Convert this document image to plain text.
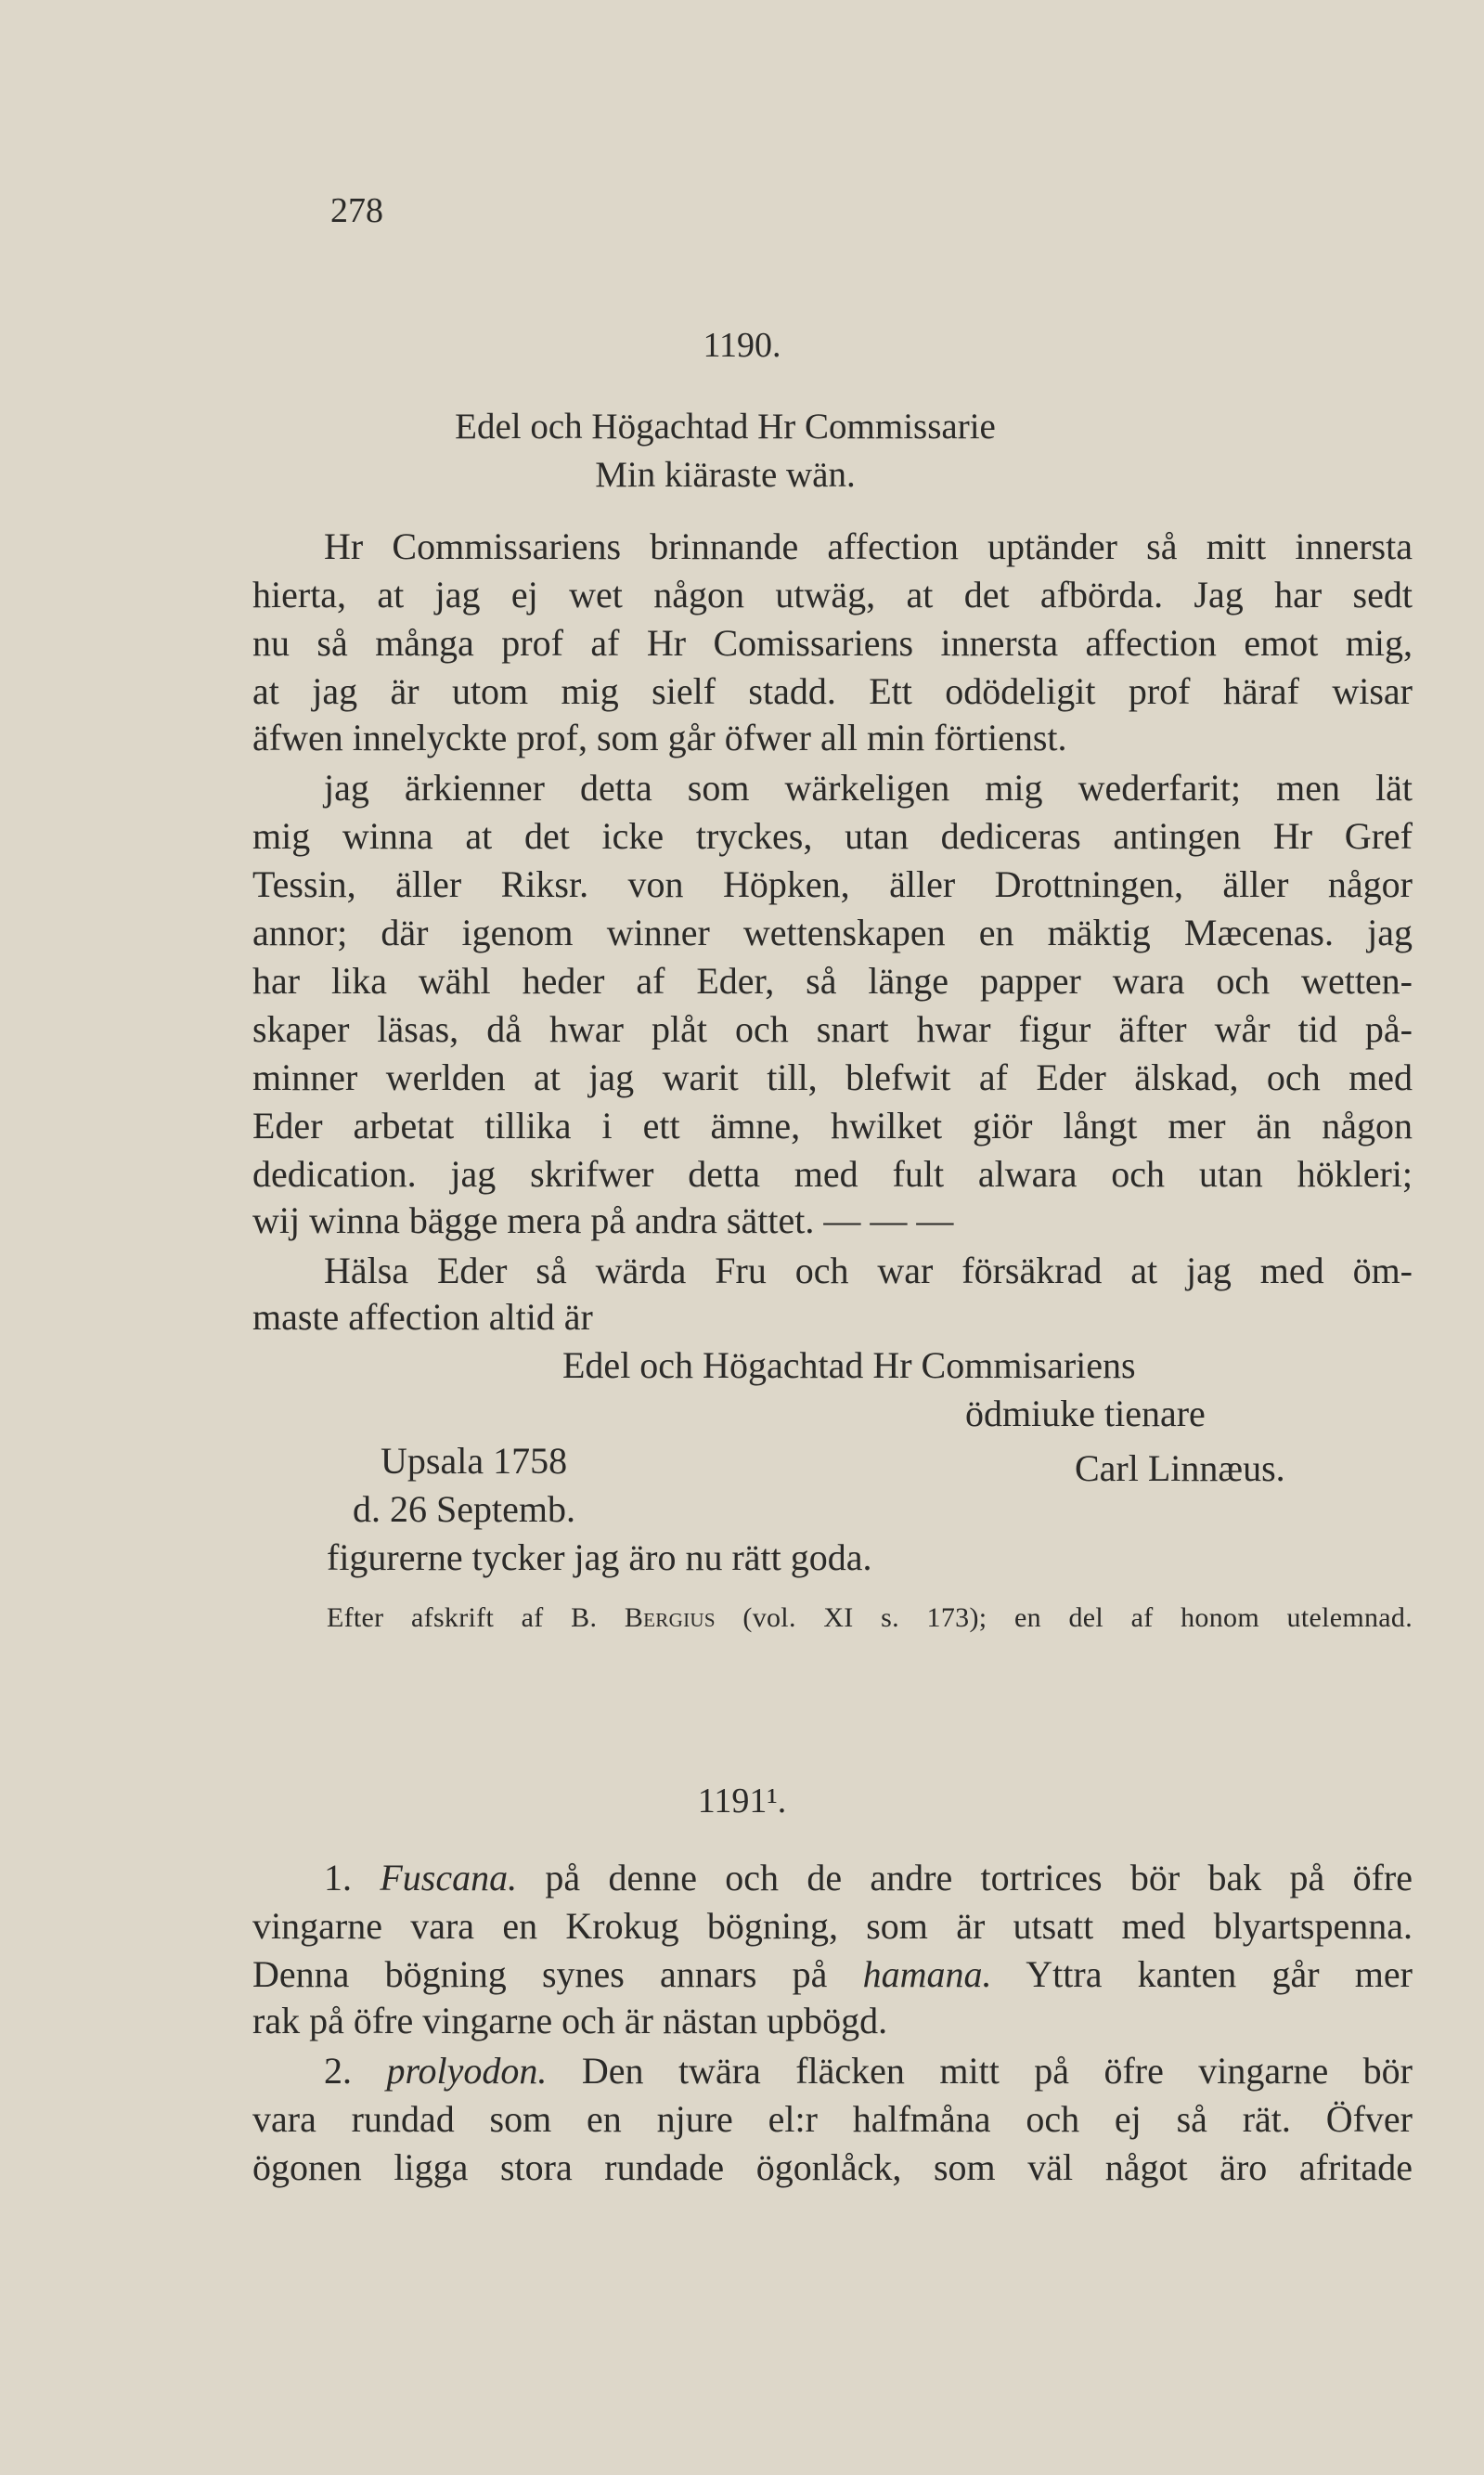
278
1190.
Edel och Högachtad Hr Commissarie
Min kiäraste wän.
Hr Commissariens brinnande affection uptänder så mitt innersta
hierta, at jag ej wet någon utwäg, at det afbörda. Jag har sedt
nu så många prof af Hr Comissariens innersta affection emot mig,
at jag är utom mig sielf stadd. Ett odödeligit prof häraf wisar
äfwen innelyckte prof, som går öfwer all min förtienst.
jag ärkienner detta som wärkeligen mig wederfarit; men lät
mig winna at det icke tryckes, utan dediceras antingen Hr Gref
Tessin, äller Riksr. von Höpken, äller Drottningen, äller någor
annor; där igenom winner wettenskapen en mäktig Mæcenas. jag
har lika wähl heder af Eder, så länge papper wara och wetten-
skaper läsas, då hwar plåt och snart hwar figur äfter wår tid på-
minner werlden at jag warit till, blefwit af Eder älskad, och med
Eder arbetat tillika i ett ämne, hwilket giör långt mer än någon
dedication. jag skrifwer detta med fult alwara och utan hökleri;
wij winna bägge mera på andra sättet. — — —
Hälsa Eder så wärda Fru och war försäkrad at jag med öm-
maste affection altid är
Edel och Högachtad Hr Commisariens
ödmiuke tienare
Upsala 1758	Carl Linnæus.
d. 26 Septemb.
figurerne tycker jag äro nu rätt goda.
Efter afskrift af B. Bergius (vol. XI s. 173); en del af honom utelemnad.
1191¹.
1. Fuscana. på denne och de andre tortrices bör bak på öfre
vingarne vara en Krokug bögning, som är utsatt med blyartspenna.
Denna bögning synes annars på hamana. Yttra kanten går mer
rak på öfre vingarne och är nästan upbögd.
2. prolyodon. Den twära fläcken mitt på öfre vingarne bör
vara rundad som en njure el:r halfmåna och ej så rät. Öfver
ögonen ligga stora rundade ögonlåck, som väl något äro afritade
